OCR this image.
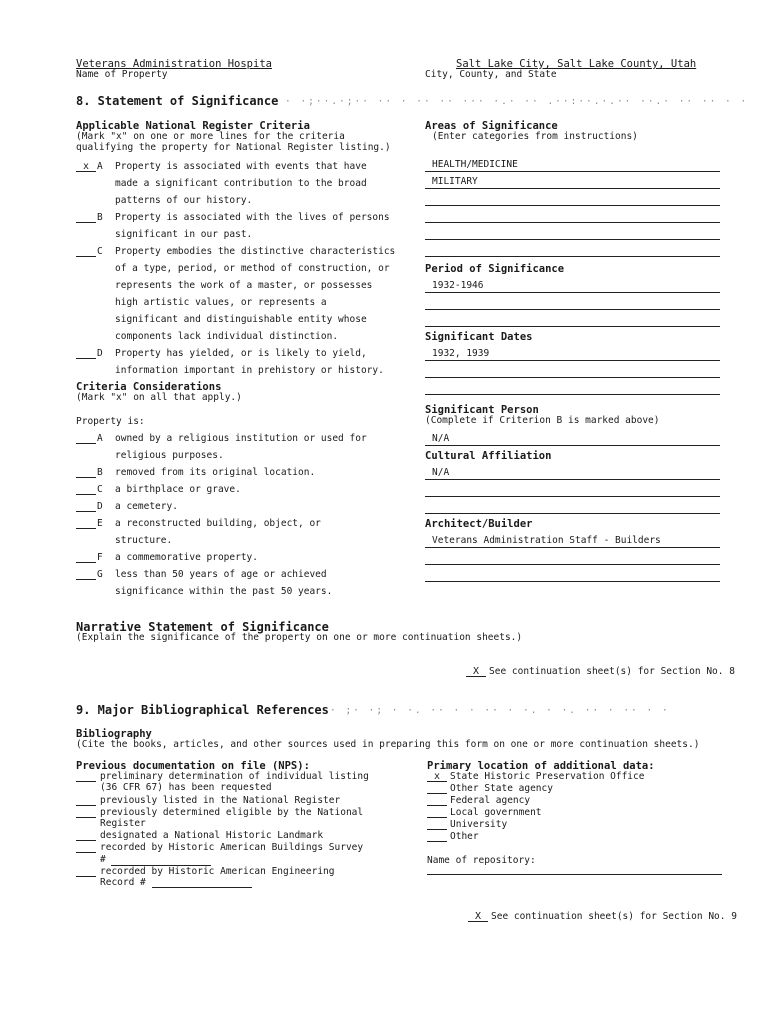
Veterans Administration Hospita
Name of Property
Salt Lake City, Salt Lake County, Utah
City, County, and State
8. Statement of Significance · ·;··.·;·· ·· · ·· ·· ··· ·.· ·· .··:··.·.·· ··.· ·· ·· · ·
Applicable National Register Criteria
(Mark "x" on one or more lines for the criteria
qualifying the property for National Register listing.)
x A Property is associated with events that have
made a significant contribution to the broad
patterns of our history.
B Property is associated with the lives of persons
significant in our past.
C Property embodies the distinctive characteristics
of a type, period, or method of construction, or
represents the work of a master, or possesses
high artistic values, or represents a
significant and distinguishable entity whose
components lack individual distinction.
D Property has yielded, or is likely to yield,
information important in prehistory or history.
Criteria Considerations
(Mark "x" on all that apply.)
Property is:
A owned by a religious institution or used for
religious purposes.
B removed from its original location.
C a birthplace or grave.
D a cemetery.
E a reconstructed building, object, or
structure.
F a commemorative property.
G less than 50 years of age or achieved
significance within the past 50 years.
Areas of Significance
(Enter categories from instructions)
HEALTH/MEDICINE
MILITARY
Period of Significance
1932-1946
Significant Dates
1932, 1939
Significant Person
(Complete if Criterion B is marked above)
N/A
Cultural Affiliation
N/A
Architect/Builder
Veterans Administration Staff - Builders
Narrative Statement of Significance
(Explain the significance of the property on one or more continuation sheets.)
X	See continuation sheet(s) for Section No. 8
9. Major Bibliographical References · ;· ·; · ·. ·· · · ·· · ·. · ·. ·· · ·· · ·
Bibliography
(Cite the books, articles, and other sources used in preparing this form on one or more continuation sheets.)
Previous documentation on file (NPS):
preliminary determination of individual listing
(36 CFR 67) has been requested
previously listed in the National Register
previously determined eligible by the National
Register
designated a National Historic Landmark
recorded by Historic American Buildings Survey
#
recorded by Historic American Engineering
Record #
Primary location of additional data:
x	State Historic Preservation Office
Other State agency
Federal agency
Local government
University
Other
Name of repository:
X	See continuation sheet(s) for Section No. 9
